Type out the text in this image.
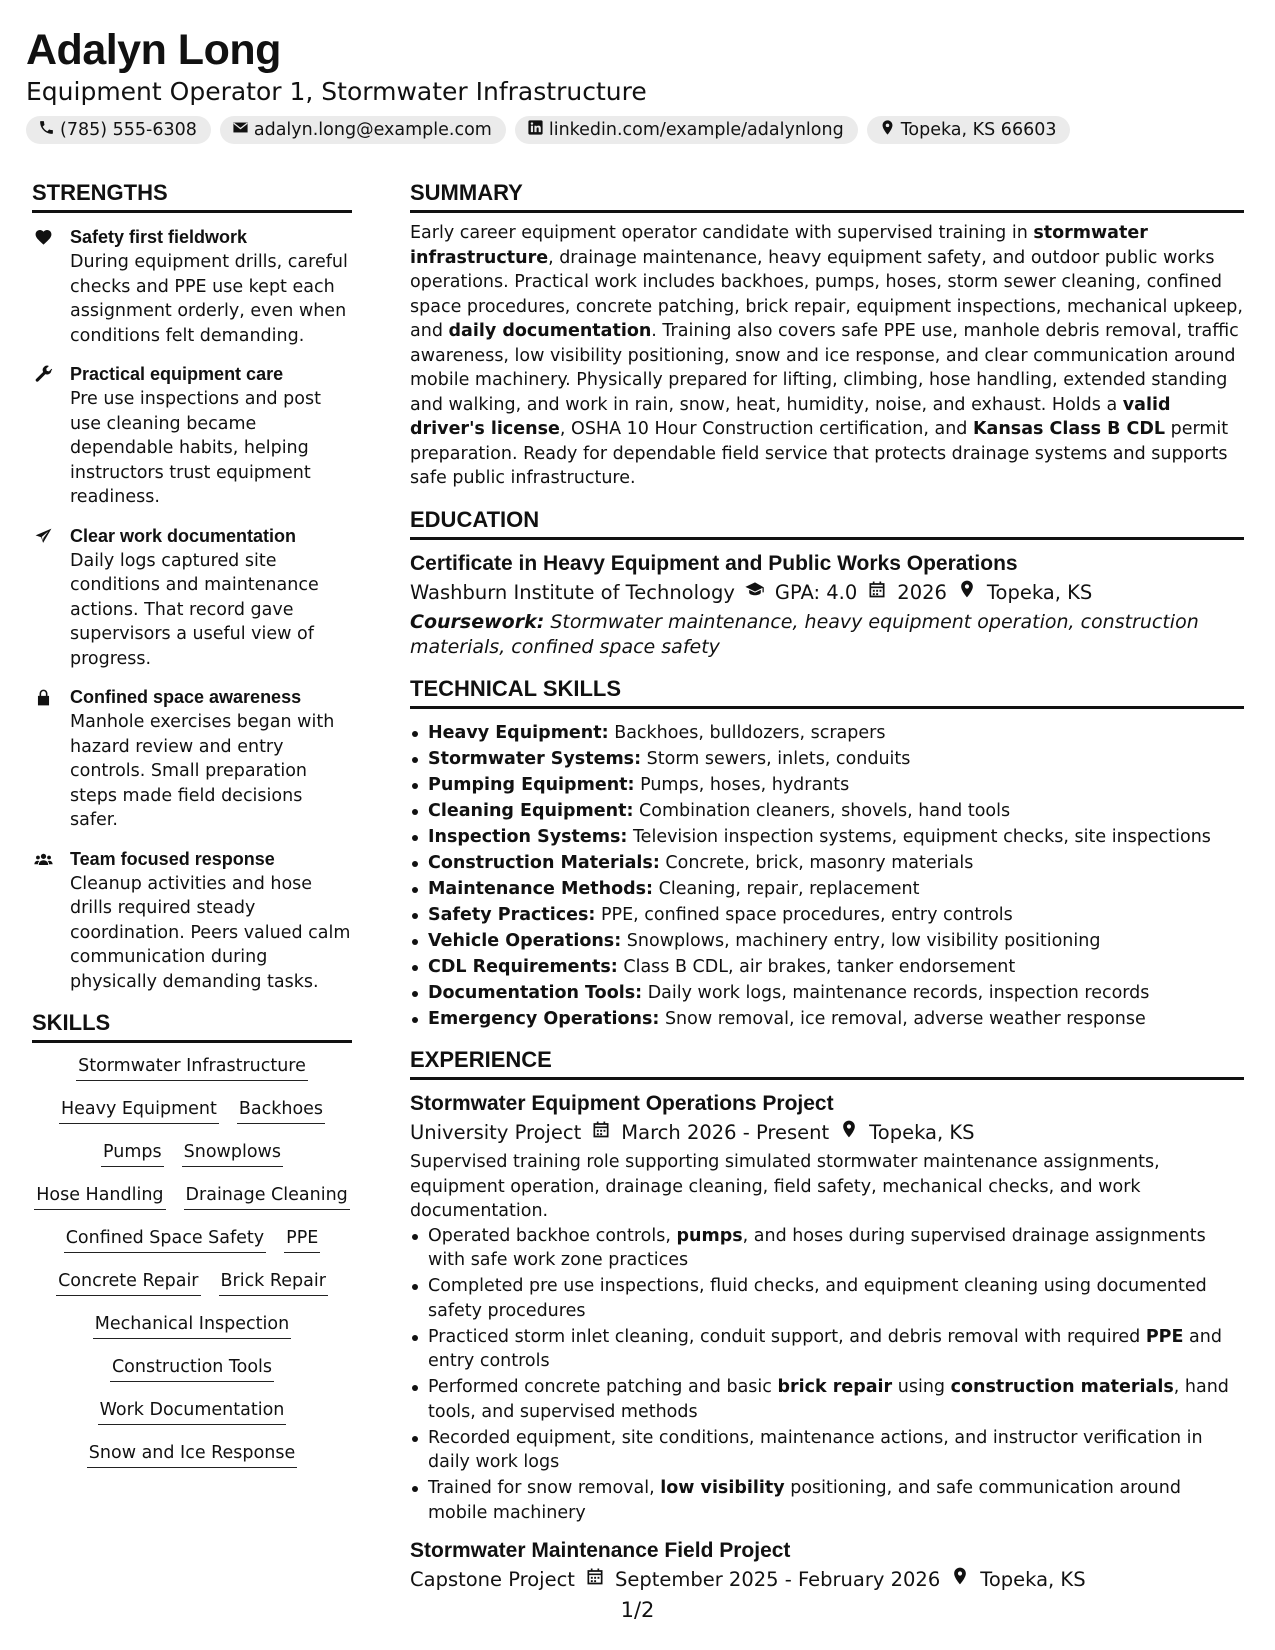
Adalyn Long
Equipment Operator 1, Stormwater Infrastructure
(785) 555-6308	adalyn.long@example.com	linkedin.com/example/adalynlong	Topeka, KS 66603
STRENGTHS
Safety first fieldwork
During equipment drills, careful checks and PPE use kept each assignment orderly, even when conditions felt demanding.
Practical equipment care
Pre use inspections and post use cleaning became dependable habits, helping instructors trust equipment readiness.
Clear work documentation
Daily logs captured site conditions and maintenance actions. That record gave supervisors a useful view of progress.
Confined space awareness
Manhole exercises began with hazard review and entry controls. Small preparation steps made field decisions safer.
Team focused response
Cleanup activities and hose drills required steady coordination. Peers valued calm communication during physically demanding tasks.
SKILLS
Stormwater Infrastructure
Heavy Equipment Backhoes
Pumps Snowplows
Hose Handling Drainage Cleaning
Confined Space Safety PPE
Concrete Repair Brick Repair
Mechanical Inspection
Construction Tools
Work Documentation
Snow and Ice Response
SUMMARY

Early career equipment operator candidate with supervised training in stormwater infrastructure, drainage maintenance, heavy equipment safety, and outdoor public works operations. Practical work includes backhoes, pumps, hoses, storm sewer cleaning, confined space procedures, concrete patching, brick repair, equipment inspections, mechanical upkeep, and daily documentation. Training also covers safe PPE use, manhole debris removal, traffic awareness, low visibility positioning, snow and ice response, and clear communication around mobile machinery. Physically prepared for lifting, climbing, hose handling, extended standing and walking, and work in rain, snow, heat, humidity, noise, and exhaust. Holds a valid driver's license, OSHA 10 Hour Construction certification, and Kansas Class B CDL permit preparation. Ready for dependable field service that protects drainage systems and supports safe public infrastructure.

EDUCATION
Certificate in Heavy Equipment and Public Works Operations
Washburn Institute of Technology GPA: 4.0 2026 Topeka, KS
Coursework: Stormwater maintenance, heavy equipment operation, construction materials, confined space safety
TECHNICAL SKILLS
Heavy Equipment: Backhoes, bulldozers, scrapers
Stormwater Systems: Storm sewers, inlets, conduits
Pumping Equipment: Pumps, hoses, hydrants
Cleaning Equipment: Combination cleaners, shovels, hand tools
Inspection Systems: Television inspection systems, equipment checks, site inspections
Construction Materials: Concrete, brick, masonry materials
Maintenance Methods: Cleaning, repair, replacement
Safety Practices: PPE, confined space procedures, entry controls
Vehicle Operations: Snowplows, machinery entry, low visibility positioning
CDL Requirements: Class B CDL, air brakes, tanker endorsement
Documentation Tools: Daily work logs, maintenance records, inspection records
Emergency Operations: Snow removal, ice removal, adverse weather response
EXPERIENCE
Stormwater Equipment Operations Project
University Project March 2026 - Present Topeka, KS

Supervised training role supporting simulated stormwater maintenance assignments, equipment operation, drainage cleaning, field safety, mechanical checks, and work documentation.

Operated backhoe controls, pumps, and hoses during supervised drainage assignments with safe work zone practices
Completed pre use inspections, fluid checks, and equipment cleaning using documented safety procedures
Practiced storm inlet cleaning, conduit support, and debris removal with required PPE and entry controls
Performed concrete patching and basic brick repair using construction materials, hand tools, and supervised methods
Recorded equipment, site conditions, maintenance actions, and instructor verification in daily work logs
Trained for snow removal, low visibility positioning, and safe communication around mobile machinery
Stormwater Maintenance Field Project
Capstone Project September 2025 - February 2026 Topeka, KS
1/2
